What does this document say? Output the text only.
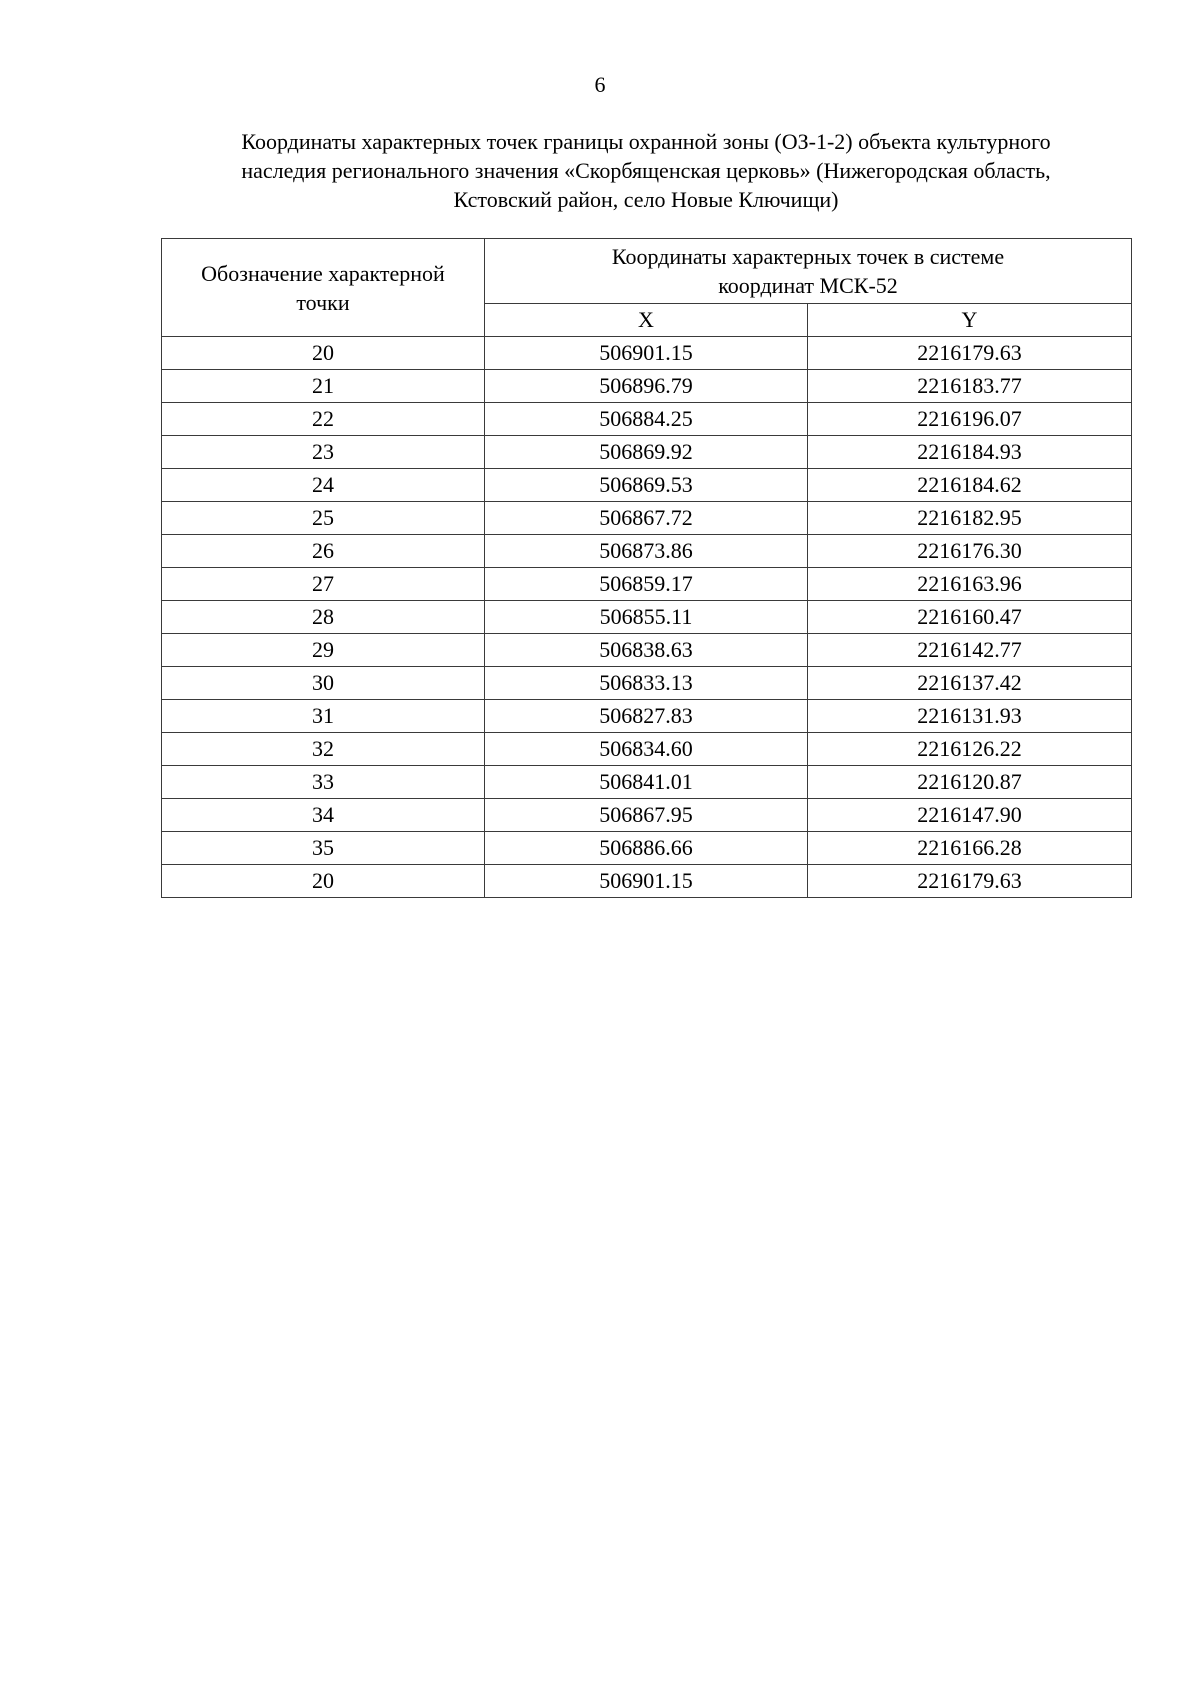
6
Координаты характерных точек границы охранной зоны (ОЗ-1-2) объекта культурного
наследия регионального значения «Скорбященская церковь» (Нижегородская область,
Кстовский район, село Новые Ключищи)
Обозначение характерной
точки	Координаты характерных точек в системе
координат МСК-52	

	X	Y
20	506901.15	2216179.63
21	506896.79	2216183.77
22	506884.25	2216196.07
23	506869.92	2216184.93
24	506869.53	2216184.62
25	506867.72	2216182.95
26	506873.86	2216176.30
27	506859.17	2216163.96
28	506855.11	2216160.47
29	506838.63	2216142.77
30	506833.13	2216137.42
31	506827.83	2216131.93
32	506834.60	2216126.22
33	506841.01	2216120.87
34	506867.95	2216147.90
35	506886.66	2216166.28
20	506901.15	2216179.63
